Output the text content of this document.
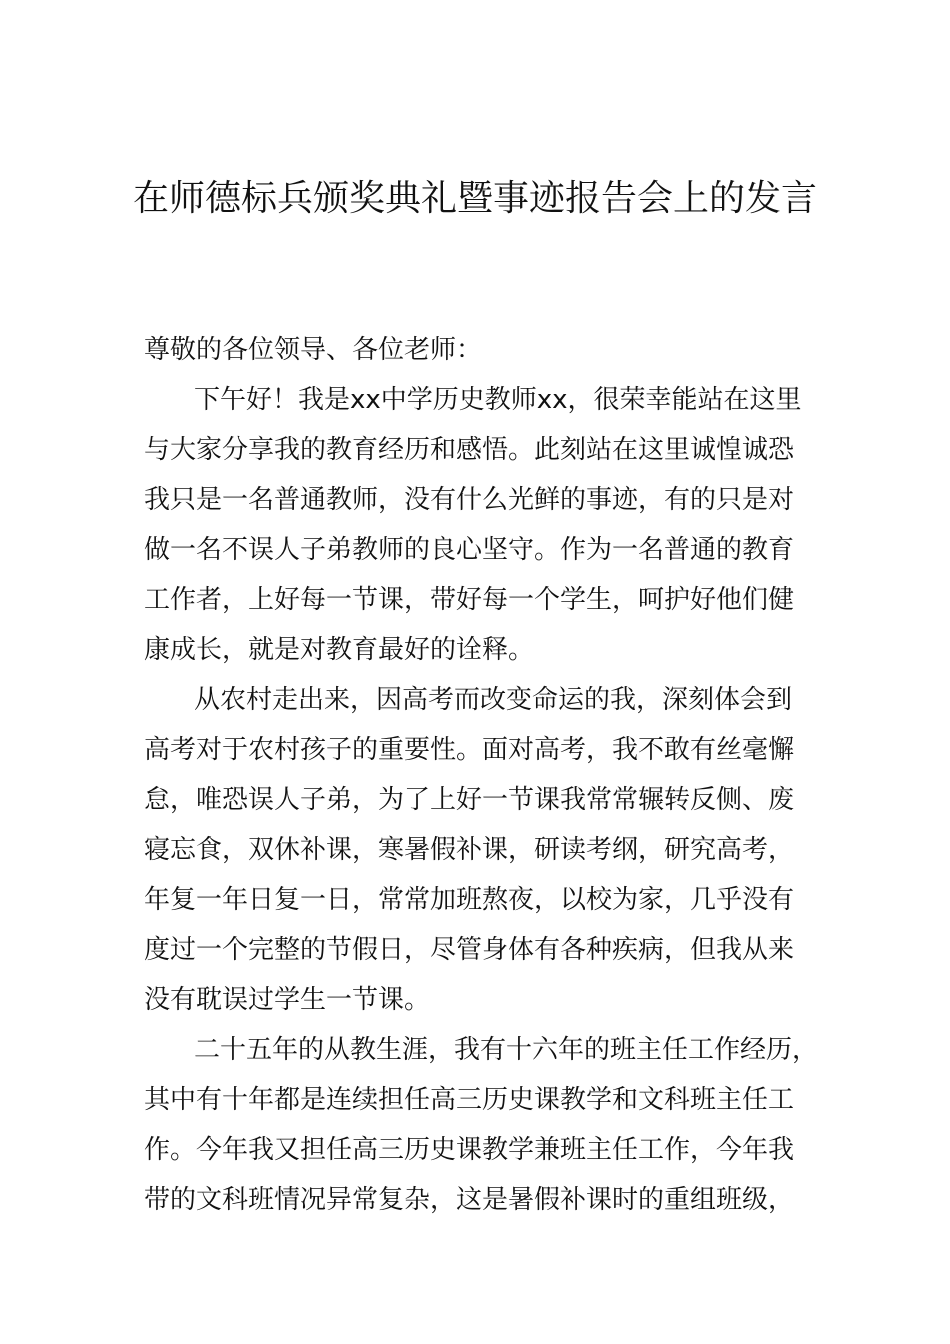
在师德标兵颁奖典礼暨事迹报告会上的发言

尊敬的各位领导、各位老师：

下午好！我是xx中学历史教师xx，很荣幸能站在这里

与大家分享我的教育经历和感悟。此刻站在这里诚惶诚恐

我只是一名普通教师，没有什么光鲜的事迹，有的只是对

做一名不误人子弟教师的良心坚守。作为一名普通的教育

工作者，上好每一节课，带好每一个学生，呵护好他们健

康成长，就是对教育最好的诠释。

从农村走出来，因高考而改变命运的我，深刻体会到

高考对于农村孩子的重要性。面对高考，我不敢有丝毫懈

怠，唯恐误人子弟，为了上好一节课我常常辗转反侧、废

寝忘食，双休补课，寒暑假补课，研读考纲，研究高考，

年复一年日复一日，常常加班熬夜，以校为家，几乎没有

度过一个完整的节假日，尽管身体有各种疾病，但我从来

没有耽误过学生一节课。

二十五年的从教生涯，我有十六年的班主任工作经历，

其中有十年都是连续担任高三历史课教学和文科班主任工

作。今年我又担任高三历史课教学兼班主任工作，今年我

带的文科班情况异常复杂，这是暑假补课时的重组班级，
